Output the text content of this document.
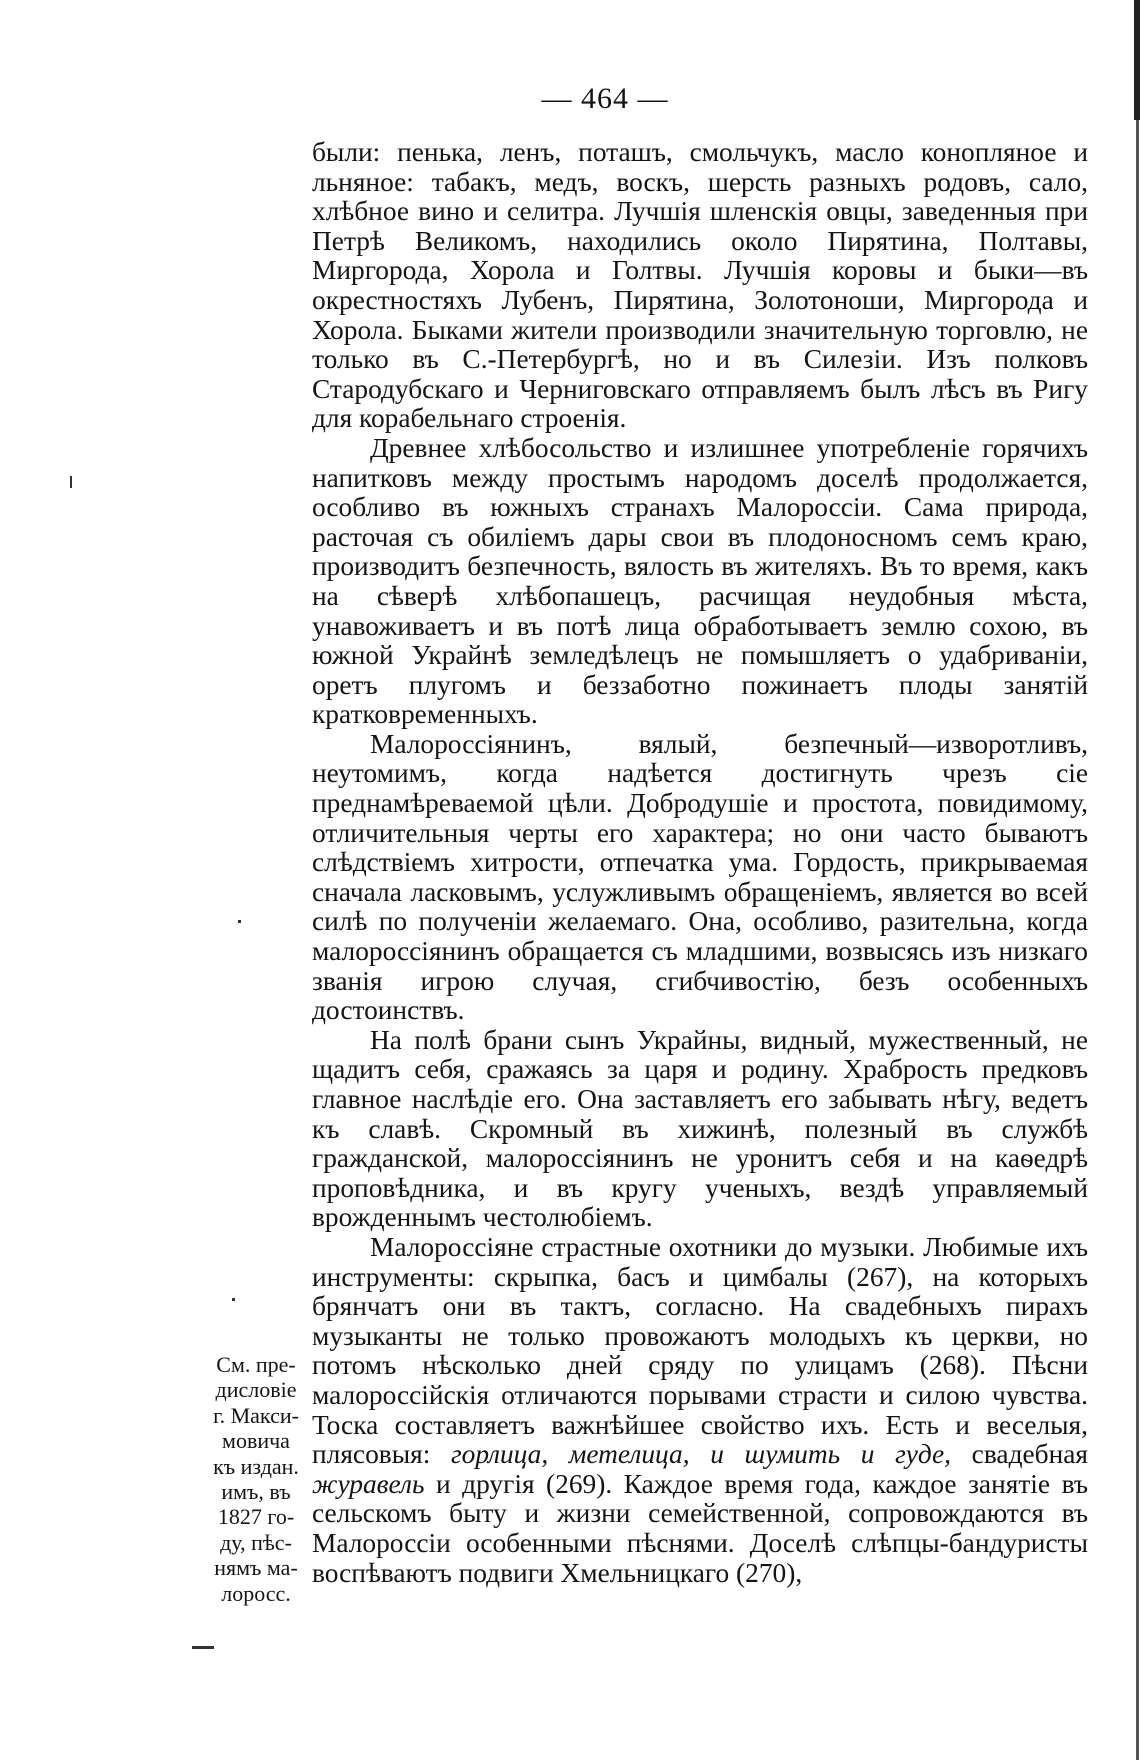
— 464 —

были: пенька, ленъ, поташъ, смольчукъ, масло конопляное и льняное: табакъ, медъ, воскъ, шерсть разныхъ родовъ, сало, хлѣбное вино и селитра. Лучшія шленскія овцы, заведенныя при Петрѣ Великомъ, находились около Пирятина, Полтавы, Миргорода, Хорола и Голтвы. Лучшія коровы и быки—въ окрестностяхъ Лубенъ, Пирятина, Золотоноши, Миргорода и Хорола. Быками жители производили значительную торговлю, не только въ С.-Петербургѣ, но и въ Силезіи. Изъ полковъ Стародубскаго и Черниговскаго отправляемъ былъ лѣсъ въ Ригу для корабельнаго строенія.

Древнее хлѣбосольство и излишнее употребленіе горячихъ напитковъ между простымъ народомъ доселѣ продолжается, особливо въ южныхъ странахъ Малороссіи. Сама природа, расточая съ обиліемъ дары свои въ плодоносномъ семъ краю, производитъ безпечность, вялость въ жителяхъ. Въ то время, какъ на сѣверѣ хлѣбопашецъ, расчищая неудобныя мѣста, унавоживаетъ и въ потѣ лица обработываетъ землю сохою, въ южной Украйнѣ земледѣлецъ не помышляетъ о удабриваніи, оретъ плугомъ и беззаботно пожинаетъ плоды занятій кратковременныхъ.

Малороссіянинъ, вялый, безпечный—изворотливъ, неутомимъ, когда надѣется достигнуть чрезъ сіе преднамѣреваемой цѣли. Добродушіе и простота, повидимому, отличительныя черты его характера; но они часто бываютъ слѣдствіемъ хитрости, отпечатка ума. Гордость, прикрываемая сначала ласковымъ, услужливымъ обращеніемъ, является во всей силѣ по полученіи желаемаго. Она, особливо, разительна, когда малороссіянинъ обращается съ младшими, возвысясь изъ низкаго званія игрою случая, сгибчивостію, безъ особенныхъ достоинствъ.

На полѣ брани сынъ Украйны, видный, мужественный, не щадитъ себя, сражаясь за царя и родину. Храбрость предковъ главное наслѣдіе его. Она заставляетъ его забывать нѣгу, ведетъ къ славѣ. Скромный въ хижинѣ, полезный въ службѣ гражданской, малороссіянинъ не уронитъ себя и на каѳедрѣ проповѣдника, и въ кругу ученыхъ, вездѣ управляемый врожденнымъ честолюбіемъ.

Малороссіяне страстные охотники до музыки. Любимые ихъ инструменты: скрыпка, басъ и цимбалы (267), на которыхъ брянчатъ они въ тактъ, согласно. На свадебныхъ пирахъ музыканты не только провожаютъ молодыхъ къ церкви, но потомъ нѣсколько дней сряду по улицамъ (268). Пѣсни малороссійскія отличаются порывами страсти и силою чувства. Тоска составляетъ важнѣйшее свойство ихъ. Есть и веселыя, плясовыя: горлица, метелица, и шумить и гуде, свадебная журавель и другія (269). Каждое время года, каждое занятіе въ сельскомъ быту и жизни семейственной, сопровождаются въ Малороссіи особенными пѣснями. Доселѣ слѣпцы-бандуристы воспѣваютъ подвиги Хмельницкаго (270),

См. пре-
дисловіе
г. Макси-
мовича
къ издан.
имъ, въ
1827 го-
ду, пѣс-
нямъ ма-
лоросс.
